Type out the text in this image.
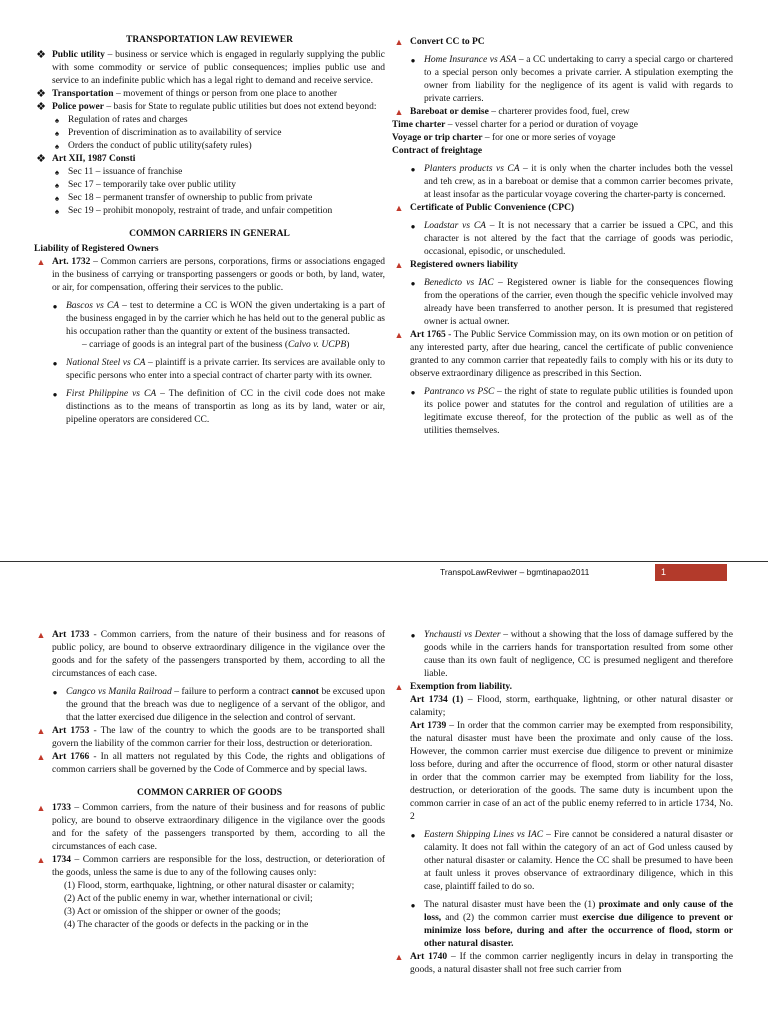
TRANSPORTATION LAW REVIEWER

❖ Public utility – business or service which is engaged in regularly supplying the public with some commodity or service of public consequences; implies public use and service to an indefinite public which has a legal right to demand and receive service.

❖ Transportation – movement of things or person from one place to another

❖ Police power – basis for State to regulate public utilities but does not extend beyond:

♠ Regulation of rates and charges

♠ Prevention of discrimination as to availability of service

♠ Orders the conduct of public utility(safety rules)

❖ Art XII, 1987 Consti

♠ Sec 11 – issuance of franchise

♠ Sec 17 – temporarily take over public utility

♠ Sec 18 – permanent transfer of ownership to public from private

♠ Sec 19 – prohibit monopoly, restraint of trade, and unfair competition

COMMON CARRIERS IN GENERAL

Liability of Registered Owners

▲ Art. 1732 – Common carriers are persons, corporations, firms or associations engaged in the business of carrying or transporting passengers or goods or both, by land, water, or air, for compensation, offering their services to the public.

● Bascos vs CA – test to determine a CC is WON the given undertaking is a part of the business engaged in by the carrier which he has held out to the general public as his occupation rather than the quantity or extent of the business transacted.

– carriage of goods is an integral part of the business (Calvo v. UCPB)

● National Steel vs CA – plaintiff is a private carrier. Its services are available only to specific persons who enter into a special contract of charter party with its owner.

● First Philippine vs CA – The definition of CC in the civil code does not make distinctions as to the means of transportin as long as its by land, water or air, pipeline operators are considered CC.

▲ Convert CC to PC

● Home Insurance vs ASA – a CC undertaking to carry a special cargo or chartered to a special person only becomes a private carrier. A stipulation exempting the owner from liability for the negligence of its agent is valid with regards to private carriers.

▲ Bareboat or demise – charterer provides food, fuel, crew

Time charter – vessel charter for a period or duration of voyage

Voyage or trip charter – for one or more series of voyage

Contract of freightage

● Planters products vs CA – it is only when the charter includes both the vessel and teh crew, as in a bareboat or demise that a common carrier becomes private, at least insofar as the particular voyage covering the charter-party is concerned.

▲ Certificate of Public Convenience (CPC)

● Loadstar vs CA – It is not necessary that a carrier be issued a CPC, and this character is not altered by the fact that the carriage of goods was periodic, occasional, episodic, or unscheduled.

▲ Registered owners liability

● Benedicto vs IAC – Registered owner is liable for the consequences flowing from the operations of the carrier, even though the specific vehicle involved may already have been transferred to another person. It is presumed that registered owner is actual owner.

▲ Art 1765 - The Public Service Commission may, on its own motion or on petition of any interested party, after due hearing, cancel the certificate of public convenience granted to any common carrier that repeatedly fails to comply with his or its duty to observe extraordinary diligence as prescribed in this Section.

● Pantranco vs PSC – the right of state to regulate public utilities is founded upon its police power and statutes for the control and regulation of utilities are a legitimate excuse thereof, for the protection of the public as well as of the utilities themselves.

TranspoLawReviwer – bgmtinapao2011	1

▲ Art 1733 - Common carriers, from the nature of their business and for reasons of public policy, are bound to observe extraordinary diligence in the vigilance over the goods and for the safety of the passengers transported by them, according to all the circumstances of each case.

● Cangco vs Manila Railroad – failure to perform a contract cannot be excused upon the ground that the breach was due to negligence of a servant of the obligor, and that the latter exercised due diligence in the selection and control of servant.

▲ Art 1753 - The law of the country to which the goods are to be transported shall govern the liability of the common carrier for their loss, destruction or deterioration.

▲ Art 1766 - In all matters not regulated by this Code, the rights and obligations of common carriers shall be governed by the Code of Commerce and by special laws.

COMMON CARRIER OF GOODS

▲ 1733 – Common carriers, from the nature of their business and for reasons of public policy, are bound to observe extraordinary diligence in the vigilance over the goods and for the safety of the passengers transported by them, according to all the circumstances of each case.

▲ 1734 – Common carriers are responsible for the loss, destruction, or deterioration of the goods, unless the same is due to any of the following causes only:

(1) Flood, storm, earthquake, lightning, or other natural disaster or calamity;

(2) Act of the public enemy in war, whether international or civil;

(3) Act or omission of the shipper or owner of the goods;

(4) The character of the goods or defects in the packing or in the

● Ynchausti vs Dexter – without a showing that the loss of damage suffered by the goods while in the carriers hands for transportation resulted from some other cause than its own fault of negligence, CC is presumed negligent and therefore liable.

▲ Exemption from liability.

Art 1734 (1) – Flood, storm, earthquake, lightning, or other natural disaster or calamity;

Art 1739 – In order that the common carrier may be exempted from responsibility, the natural disaster must have been the proximate and only cause of the loss. However, the common carrier must exercise due diligence to prevent or minimize loss before, during and after the occurrence of flood, storm or other natural disaster in order that the common carrier may be exempted from liability for the loss, destruction, or deterioration of the goods. The same duty is incumbent upon the common carrier in case of an act of the public enemy referred to in article 1734, No. 2

● Eastern Shipping Lines vs IAC – Fire cannot be considered a natural disaster or calamity. It does not fall within the category of an act of God unless caused by other natural disaster or calamity. Hence the CC shall be presumed to have been at fault unless it proves observance of extraordinary diligence, which in this case, plaintiff failed to do so.

● The natural disaster must have been the (1) proximate and only cause of the loss, and (2) the common carrier must exercise due diligence to prevent or minimize loss before, during and after the occurrence of flood, storm or other natural disaster.

▲ Art 1740 – If the common carrier negligently incurs in delay in transporting the goods, a natural disaster shall not free such carrier from
